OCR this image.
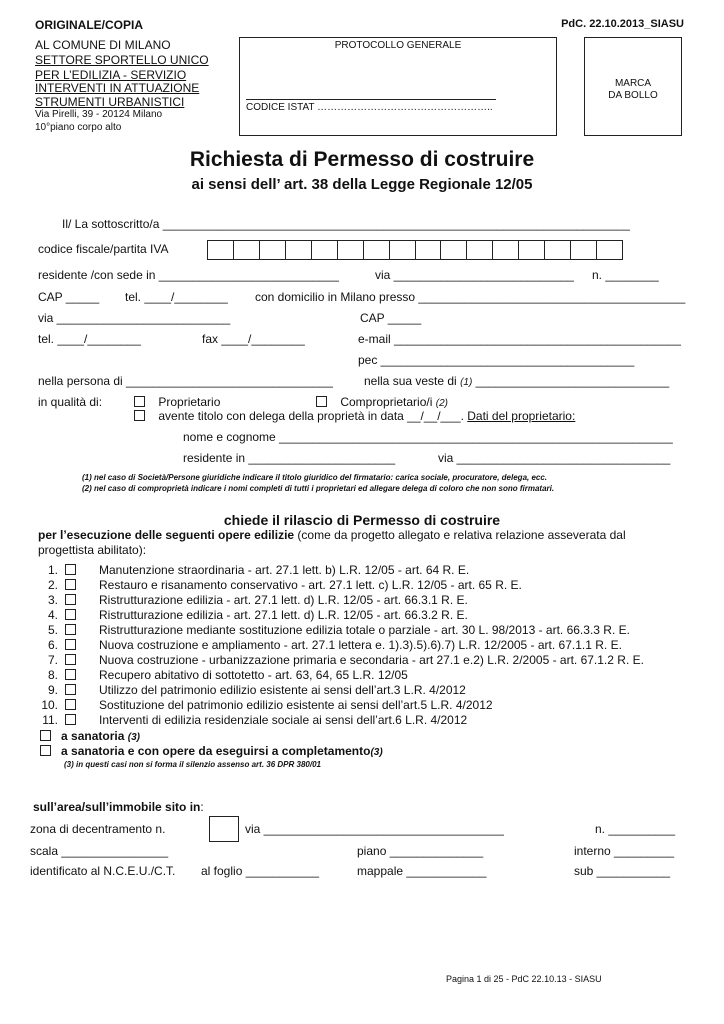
ORIGINALE/COPIA	PdC. 22.10.2013_SIASU
AL COMUNE DI MILANO
SETTORE SPORTELLO UNICO
PER L’EDILIZIA - SERVIZIO
INTERVENTI IN ATTUAZIONE
STRUMENTI URBANISTICI
Via Pirelli, 39 - 20124 Milano
10°piano corpo alto
PROTOCOLLO GENERALE
CODICE ISTAT ……………………………………………..
MARCA
DA BOLLO
Richiesta di Permesso di costruire
ai sensi dell’ art. 38 della Legge Regionale 12/05
Il/ La sottoscritto/a ______________________________________________________________________
codice fiscale/partita IVA
residente /con sede in ___________________________	via ___________________________ n. ________
CAP _____ tel. ____/________ con domicilio in Milano presso ________________________________________
via __________________________	CAP _____
tel. ____/________	fax ____/________	e-mail ___________________________________________
pec ______________________________________
nella persona di _______________________________	nella sua veste di (1) _____________________________
in qualità di:	Proprietario	Comproprietario/i (2)
avente titolo con delega della proprietà in data __/__/___. Dati del proprietario:
nome e cognome ___________________________________________________________
residente in ______________________	via ________________________________
(1) nel caso di Società/Persone giuridiche indicare il titolo giuridico del firmatario: carica sociale, procuratore, delega, ecc.
(2) nel caso di comproprietà indicare i nomi completi di tutti i proprietari ed allegare delega di coloro che non sono firmatari.
chiede il rilascio di Permesso di costruire
per l’esecuzione delle seguenti opere edilizie (come da progetto allegato e relativa relazione asseverata dal
progettista abilitato):
1.	Manutenzione straordinaria - art. 27.1 lett. b) L.R. 12/05 - art. 64 R. E.
2.	Restauro e risanamento conservativo - art. 27.1 lett. c) L.R. 12/05 - art. 65 R. E.
3.	Ristrutturazione edilizia - art. 27.1 lett. d) L.R. 12/05 - art. 66.3.1 R. E.
4.	Ristrutturazione edilizia - art. 27.1 lett. d) L.R. 12/05 - art. 66.3.2 R. E.
5.	Ristrutturazione mediante sostituzione edilizia totale o parziale - art. 30 L. 98/2013 - art. 66.3.3 R. E.
6.	Nuova costruzione e ampliamento - art. 27.1 lettera e. 1).3).5).6).7) L.R. 12/2005 - art. 67.1.1 R. E.
7.	Nuova costruzione - urbanizzazione primaria e secondaria - art 27.1 e.2) L.R. 2/2005 - art. 67.1.2 R. E.
8.	Recupero abitativo di sottotetto - art. 63, 64, 65 L.R. 12/05
9.	Utilizzo del patrimonio edilizio esistente ai sensi dell’art.3 L.R. 4/2012
10.	Sostituzione del patrimonio edilizio esistente ai sensi dell’art.5 L.R. 4/2012
11.	Interventi di edilizia residenziale sociale ai sensi dell’art.6 L.R. 4/2012
a sanatoria (3)
a sanatoria e con opere da eseguirsi a completamento(3)
(3) in questi casi non si forma il silenzio assenso art. 36 DPR 380/01
sull’area/sull’immobile sito in:
zona di decentramento n.	via ____________________________________	n. __________
scala ________________	piano ______________	interno _________
identificato al N.C.E.U./C.T. al foglio ___________	mappale ____________	sub ___________
Pagina 1 di 25 - PdC 22.10.13 - SIASU
